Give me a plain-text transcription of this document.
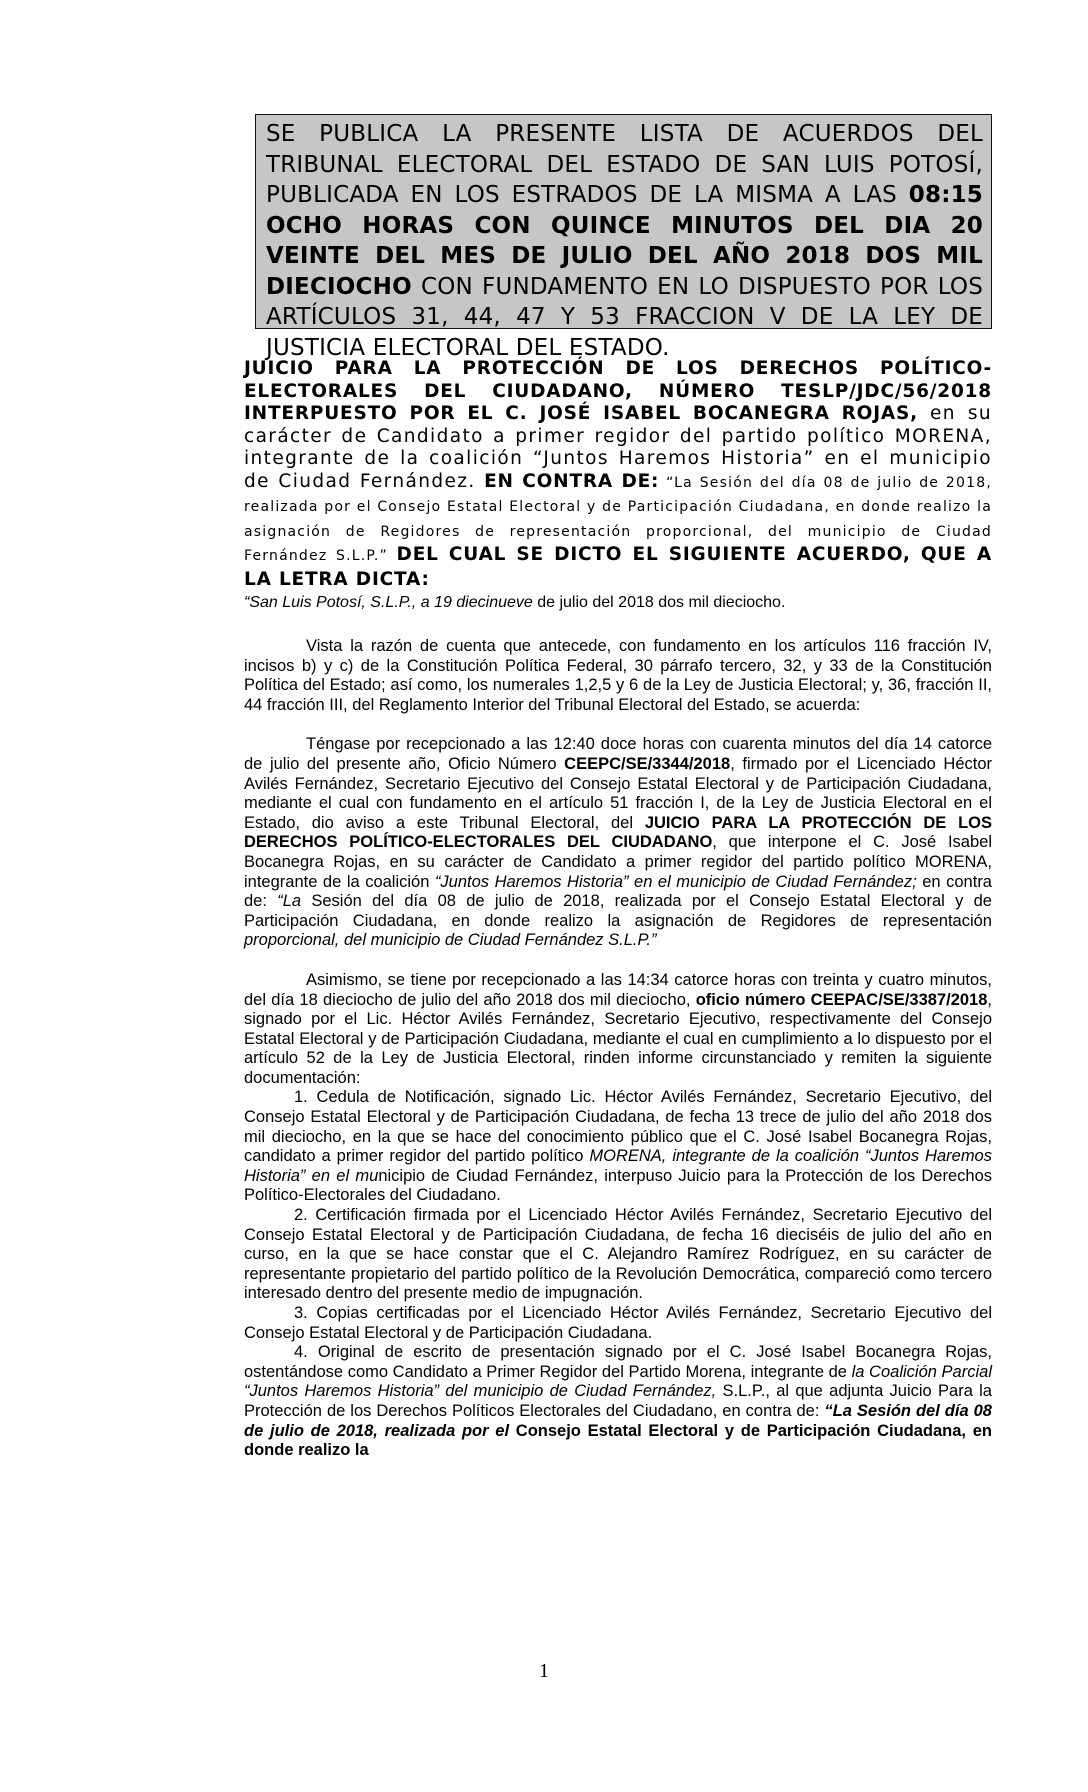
SE PUBLICA LA PRESENTE LISTA DE ACUERDOS DEL TRIBUNAL ELECTORAL DEL ESTADO DE SAN LUIS POTOSÍ, PUBLICADA EN LOS ESTRADOS DE LA MISMA A LAS 08:15 OCHO HORAS CON QUINCE MINUTOS DEL DIA 20 VEINTE DEL MES DE JULIO DEL AÑO 2018 DOS MIL DIECIOCHO CON FUNDAMENTO EN LO DISPUESTO POR LOS ARTÍCULOS 31, 44, 47 Y 53 FRACCION V DE LA LEY DE JUSTICIA ELECTORAL DEL ESTADO.
JUICIO PARA LA PROTECCIÓN DE LOS DERECHOS POLÍTICO-ELECTORALES DEL CIUDADANO, NÚMERO TESLP/JDC/56/2018 INTERPUESTO POR EL C. JOSÉ ISABEL BOCANEGRA ROJAS, en su carácter de Candidato a primer regidor del partido político MORENA, integrante de la coalición “Juntos Haremos Historia” en el municipio de Ciudad Fernández. EN CONTRA DE: “La Sesión del día 08 de julio de 2018, realizada por el Consejo Estatal Electoral y de Participación Ciudadana, en donde realizo la asignación de Regidores de representación proporcional, del municipio de Ciudad Fernández S.L.P.” DEL CUAL SE DICTO EL SIGUIENTE ACUERDO, QUE A LA LETRA DICTA:
“San Luis Potosí, S.L.P., a 19 diecinueve de julio del 2018 dos mil dieciocho.

Vista la razón de cuenta que antecede, con fundamento en los artículos 116 fracción IV, incisos b) y c) de la Constitución Política Federal, 30 párrafo tercero, 32, y 33 de la Constitución Política del Estado; así como, los numerales 1,2,5 y 6 de la Ley de Justicia Electoral; y, 36, fracción II, 44 fracción III, del Reglamento Interior del Tribunal Electoral del Estado, se acuerda:

Téngase por recepcionado a las 12:40 doce horas con cuarenta minutos del día 14 catorce de julio del presente año, Oficio Número CEEPC/SE/3344/2018, firmado por el Licenciado Héctor Avilés Fernández, Secretario Ejecutivo del Consejo Estatal Electoral y de Participación Ciudadana, mediante el cual con fundamento en el artículo 51 fracción I, de la Ley de Justicia Electoral en el Estado, dio aviso a este Tribunal Electoral, del JUICIO PARA LA PROTECCIÓN DE LOS DERECHOS POLÍTICO-ELECTORALES DEL CIUDADANO, que interpone el C. José Isabel Bocanegra Rojas, en su carácter de Candidato a primer regidor del partido político MORENA, integrante de la coalición “Juntos Haremos Historia” en el municipio de Ciudad Fernández; en contra de: “La Sesión del día 08 de julio de 2018, realizada por el Consejo Estatal Electoral y de Participación Ciudadana, en donde realizo la asignación de Regidores de representación proporcional, del municipio de Ciudad Fernández S.L.P.”

Asimismo, se tiene por recepcionado a las 14:34 catorce horas con treinta y cuatro minutos, del día 18 dieciocho de julio del año 2018 dos mil dieciocho, oficio número CEEPAC/SE/3387/2018, signado por el Lic. Héctor Avilés Fernández, Secretario Ejecutivo, respectivamente del Consejo Estatal Electoral y de Participación Ciudadana, mediante el cual en cumplimiento a lo dispuesto por el artículo 52 de la Ley de Justicia Electoral, rinden informe circunstanciado y remiten la siguiente documentación:

1. Cedula de Notificación, signado Lic. Héctor Avilés Fernández, Secretario Ejecutivo, del Consejo Estatal Electoral y de Participación Ciudadana, de fecha 13 trece de julio del año 2018 dos mil dieciocho, en la que se hace del conocimiento público que el C. José Isabel Bocanegra Rojas, candidato a primer regidor del partido político MORENA, integrante de la coalición “Juntos Haremos Historia” en el municipio de Ciudad Fernández, interpuso Juicio para la Protección de los Derechos Político-Electorales del Ciudadano.

2. Certificación firmada por el Licenciado Héctor Avilés Fernández, Secretario Ejecutivo del Consejo Estatal Electoral y de Participación Ciudadana, de fecha 16 dieciséis de julio del año en curso, en la que se hace constar que el C. Alejandro Ramírez Rodríguez, en su carácter de representante propietario del partido político de la Revolución Democrática, compareció como tercero interesado dentro del presente medio de impugnación.

3. Copias certificadas por el Licenciado Héctor Avilés Fernández, Secretario Ejecutivo del Consejo Estatal Electoral y de Participación Ciudadana.

4. Original de escrito de presentación signado por el C. José Isabel Bocanegra Rojas, ostentándose como Candidato a Primer Regidor del Partido Morena, integrante de la Coalición Parcial “Juntos Haremos Historia” del municipio de Ciudad Fernández, S.L.P., al que adjunta Juicio Para la Protección de los Derechos Políticos Electorales del Ciudadano, en contra de: “La Sesión del día 08 de julio de 2018, realizada por el Consejo Estatal Electoral y de Participación Ciudadana, en donde realizo la

1
